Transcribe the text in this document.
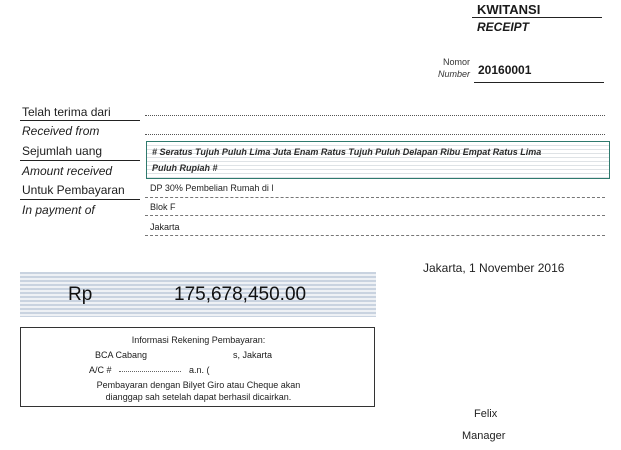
KWITANSI
RECEIPT
Nomor
Number 20160001
Telah terima dari
Received from
Sejumlah uang
Amount received
# Seratus Tujuh Puluh Lima Juta Enam Ratus Tujuh Puluh Delapan Ribu Empat Ratus Lima
Puluh Rupiah #
Untuk Pembayaran
In payment of
DP 30% Pembelian Rumah di l
Blok F
Jakarta
Jakarta, 1 November 2016
Rp	175,678,450.00
Informasi Rekening Pembayaran:
BCA Cabang	s, Jakarta
A/C #	a.n. (
Pembayaran dengan Bilyet Giro atau Cheque akan
dianggap sah setelah dapat berhasil dicairkan.
Felix
Manager
